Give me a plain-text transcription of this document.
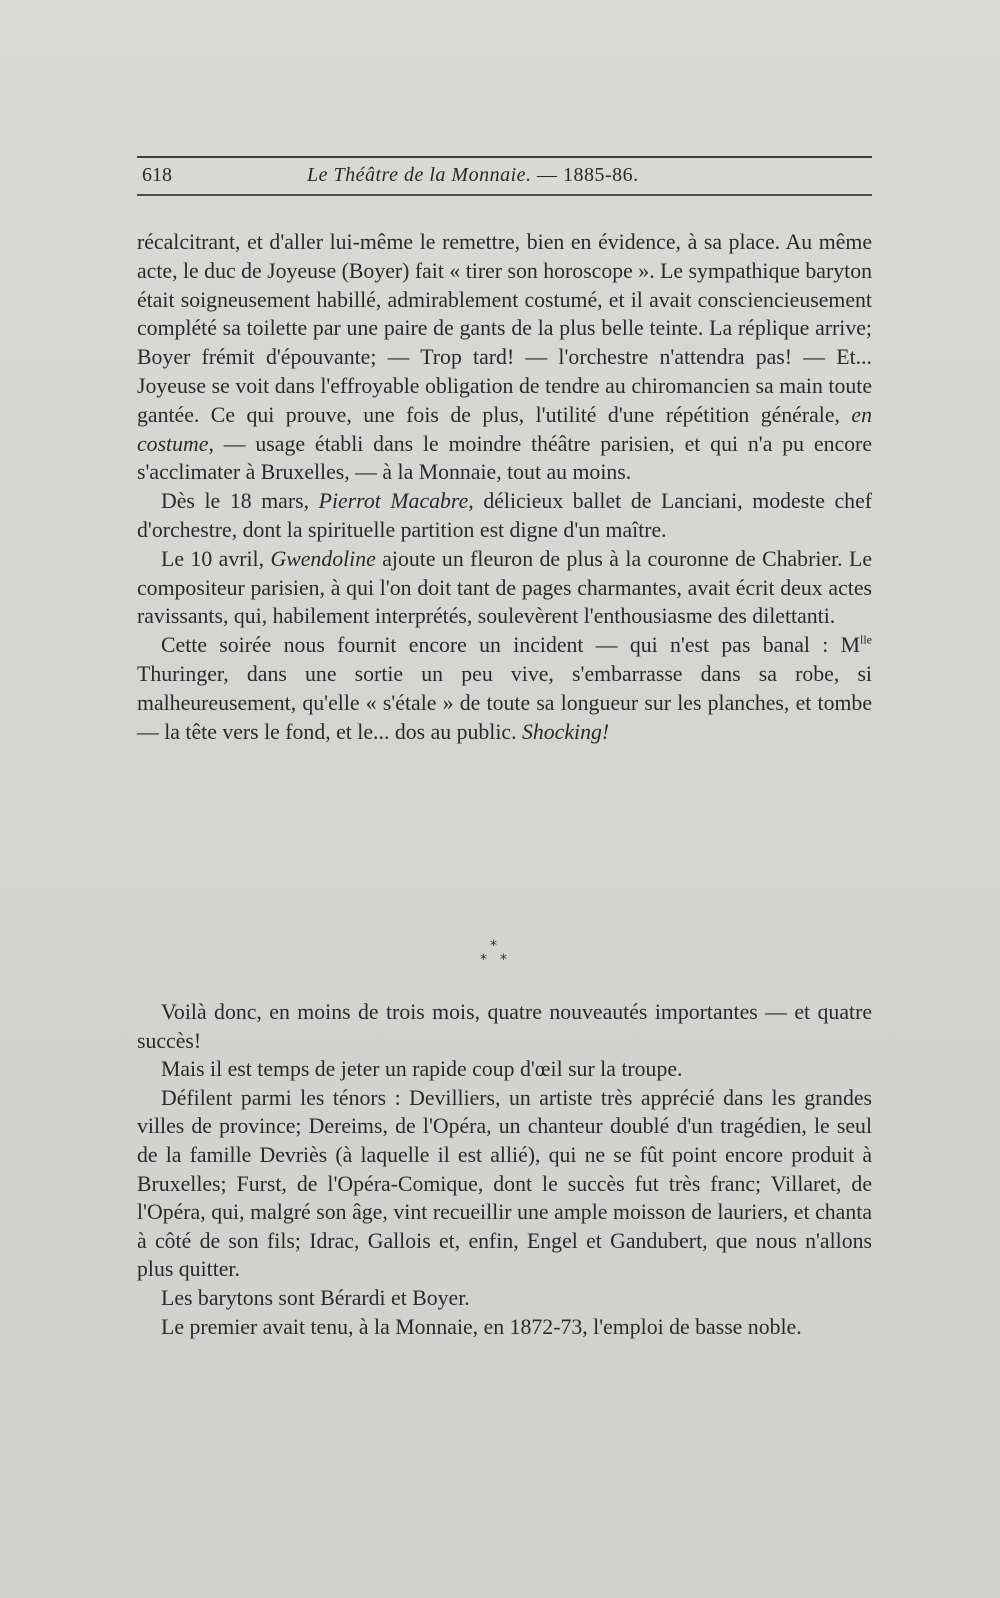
618	Le Théâtre de la Monnaie. — 1885-86.

récalcitrant, et d'aller lui-même le remettre, bien en évidence, à sa place. Au même acte, le duc de Joyeuse (Boyer) fait « tirer son horoscope ». Le sympathique baryton était soigneusement habillé, admirablement costumé, et il avait consciencieusement complété sa toilette par une paire de gants de la plus belle teinte. La réplique arrive; Boyer frémit d'épouvante; — Trop tard! — l'orchestre n'attendra pas! — Et... Joyeuse se voit dans l'effroyable obligation de tendre au chiromancien sa main toute gantée. Ce qui prouve, une fois de plus, l'utilité d'une répétition générale, en costume, — usage établi dans le moindre théâtre parisien, et qui n'a pu encore s'acclimater à Bruxelles, — à la Monnaie, tout au moins.

Dès le 18 mars, Pierrot Macabre, délicieux ballet de Lanciani, modeste chef d'orchestre, dont la spirituelle partition est digne d'un maître.

Le 10 avril, Gwendoline ajoute un fleuron de plus à la couronne de Chabrier. Le compositeur parisien, à qui l'on doit tant de pages charmantes, avait écrit deux actes ravissants, qui, habilement interprétés, soulevèrent l'enthousiasme des dilettanti.

Cette soirée nous fournit encore un incident — qui n'est pas banal : $M^{lle}$ Thuringer, dans une sortie un peu vive, s'embarrasse dans sa robe, si malheureusement, qu'elle « s'étale » de toute sa longueur sur les planches, et tombe — la tête vers le fond, et le... dos au public. Shocking!

*
* *

Voilà donc, en moins de trois mois, quatre nouveautés importantes — et quatre succès!

Mais il est temps de jeter un rapide coup d'œil sur la troupe.

Défilent parmi les ténors : Devilliers, un artiste très apprécié dans les grandes villes de province; Dereims, de l'Opéra, un chanteur doublé d'un tragédien, le seul de la famille Devriès (à laquelle il est allié), qui ne se fût point encore produit à Bruxelles; Furst, de l'Opéra-Comique, dont le succès fut très franc; Villaret, de l'Opéra, qui, malgré son âge, vint recueillir une ample moisson de lauriers, et chanta à côté de son fils; Idrac, Gallois et, enfin, Engel et Gandubert, que nous n'allons plus quitter.

Les barytons sont Bérardi et Boyer.

Le premier avait tenu, à la Monnaie, en 1872-73, l'emploi de basse noble.
